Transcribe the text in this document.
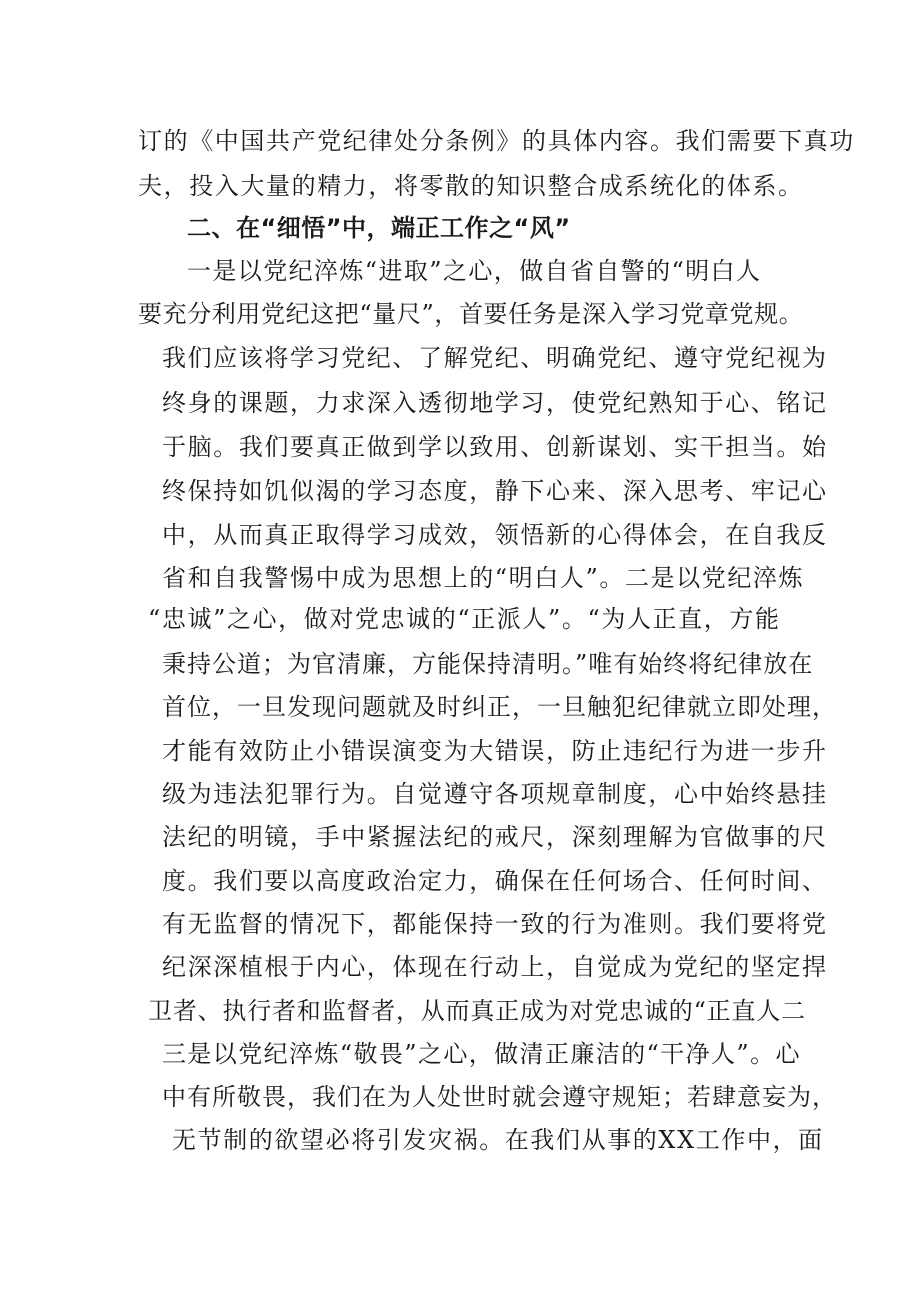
订的《中国共产党纪律处分条例》的具体内容。我们需要下真功
夫，投入大量的精力，将零散的知识整合成系统化的体系。
二、在“细悟”中，端正工作之“风”
一是以党纪淬炼“进取”之心，做自省自警的“明白人
要充分利用党纪这把“量尺”，首要任务是深入学习党章党规。
我们应该将学习党纪、了解党纪、明确党纪、遵守党纪视为
终身的课题，力求深入透彻地学习，使党纪熟知于心、铭记
于脑。我们要真正做到学以致用、创新谋划、实干担当。始
终保持如饥似渴的学习态度，静下心来、深入思考、牢记心
中，从而真正取得学习成效，领悟新的心得体会，在自我反
省和自我警惕中成为思想上的“明白人”。二是以党纪淬炼
“忠诚”之心，做对党忠诚的“正派人”。“为人正直，方能
秉持公道；为官清廉，方能保持清明。”唯有始终将纪律放在
首位，一旦发现问题就及时纠正，一旦触犯纪律就立即处理，
才能有效防止小错误演变为大错误，防止违纪行为进一步升
级为违法犯罪行为。自觉遵守各项规章制度，心中始终悬挂
法纪的明镜，手中紧握法纪的戒尺，深刻理解为官做事的尺
度。我们要以高度政治定力，确保在任何场合、任何时间、
有无监督的情况下，都能保持一致的行为准则。我们要将党
纪深深植根于内心，体现在行动上，自觉成为党纪的坚定捍
卫者、执行者和监督者，从而真正成为对党忠诚的“正直人二
三是以党纪淬炼“敬畏”之心，做清正廉洁的“干净人”。心
中有所敬畏，我们在为人处世时就会遵守规矩；若肆意妄为，
无节制的欲望必将引发灾祸。在我们从事的XX工作中，面
